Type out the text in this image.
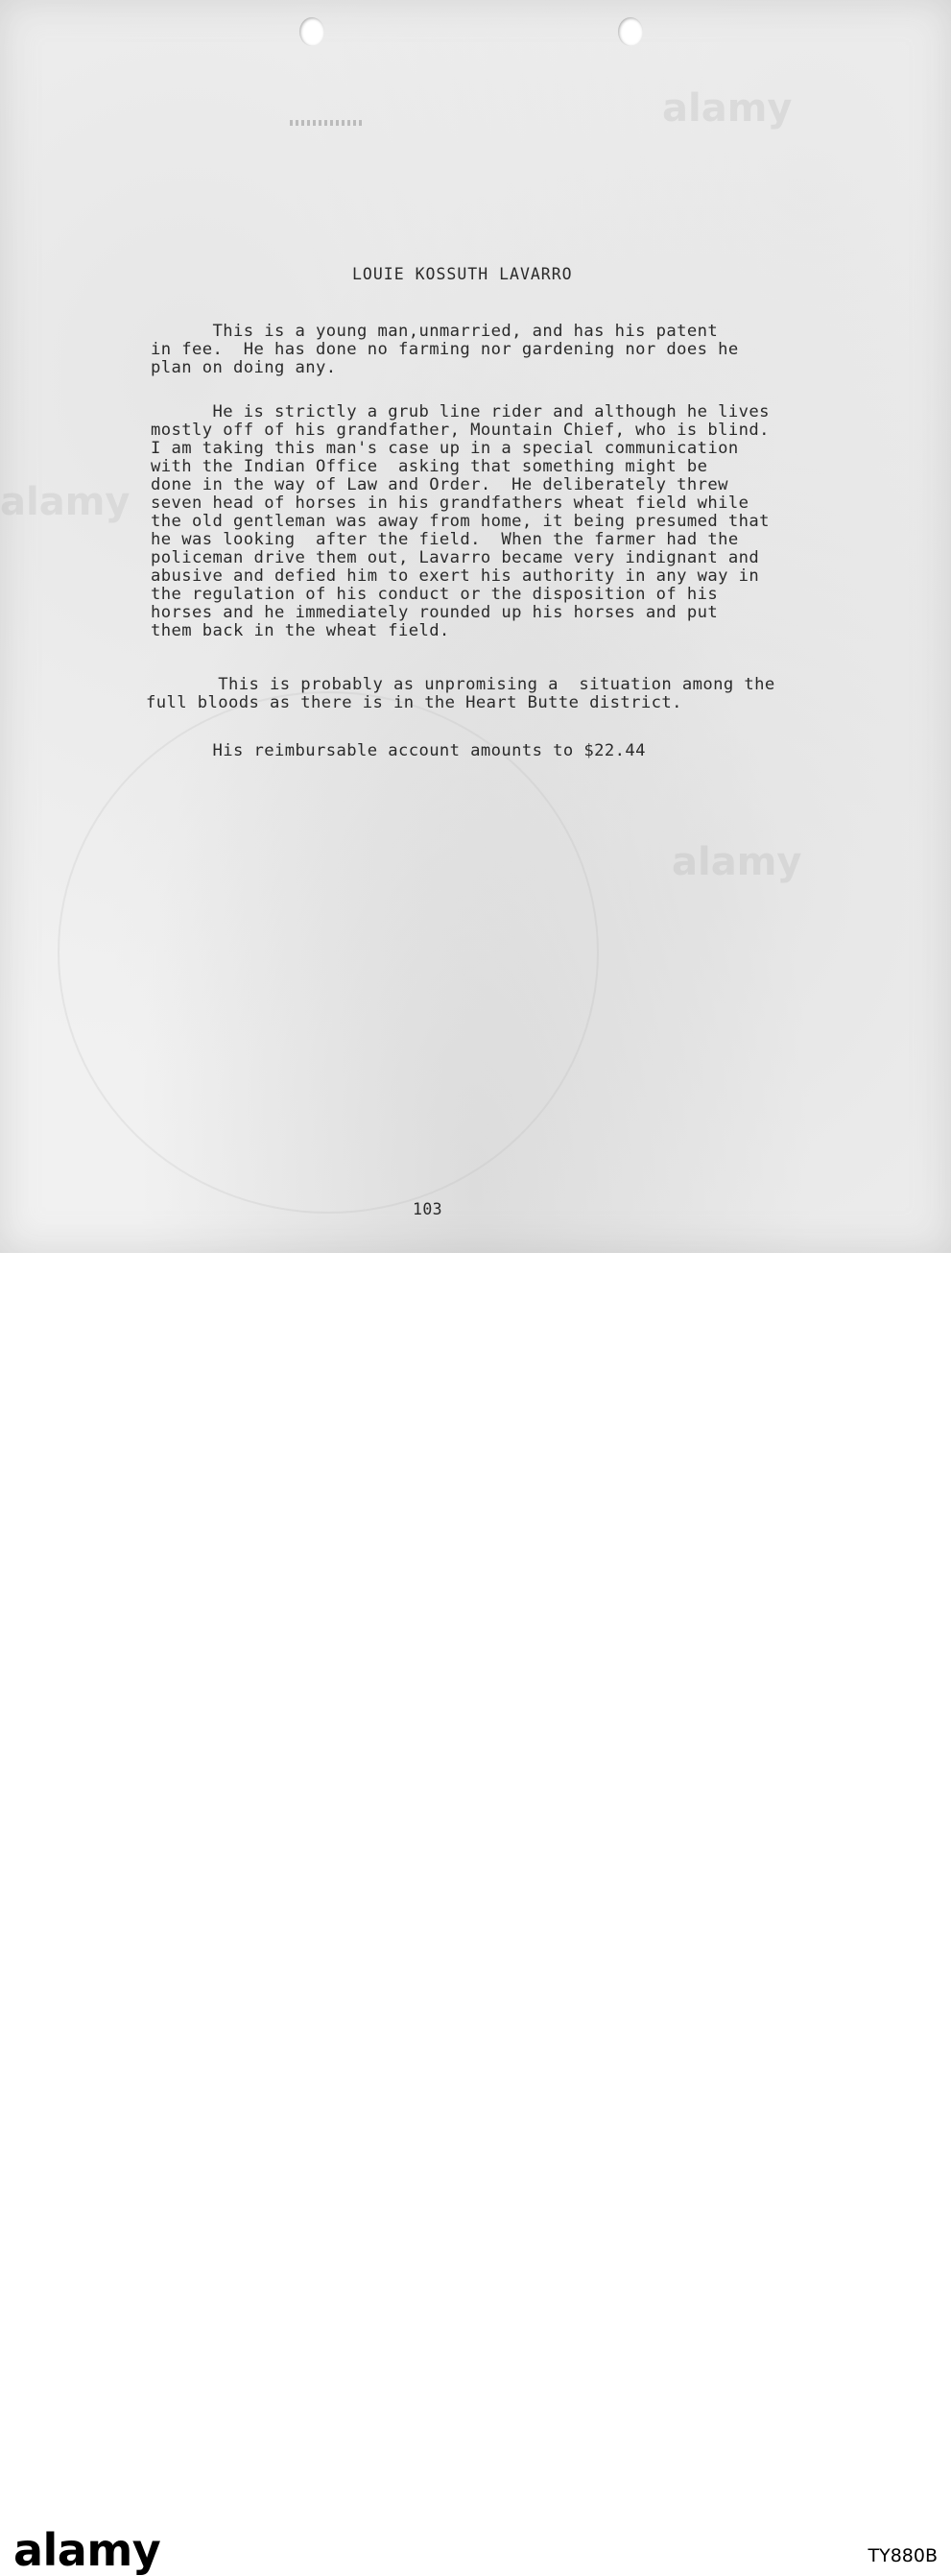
alamy
alamy
alamy

LOUIE KOSSUTH LAVARRO

This is a young man,unmarried, and has his patent
in fee.  He has done no farming nor gardening nor does he
plan on doing any.

He is strictly a grub line rider and although he lives
mostly off of his grandfather, Mountain Chief, who is blind.
I am taking this man's case up in a special communication
with the Indian Office  asking that something might be
done in the way of Law and Order.  He deliberately threw
seven head of horses in his grandfathers wheat field while
the old gentleman was away from home, it being presumed that
he was looking  after the field.  When the farmer had the
policeman drive them out, Lavarro became very indignant and
abusive and defied him to exert his authority in any way in
the regulation of his conduct or the disposition of his
horses and he immediately rounded up his horses and put
them back in the wheat field.

This is probably as unpromising a  situation among the
full bloods as there is in the Heart Butte district.

His reimbursable account amounts to $22.44

103

alamy	TY880B
